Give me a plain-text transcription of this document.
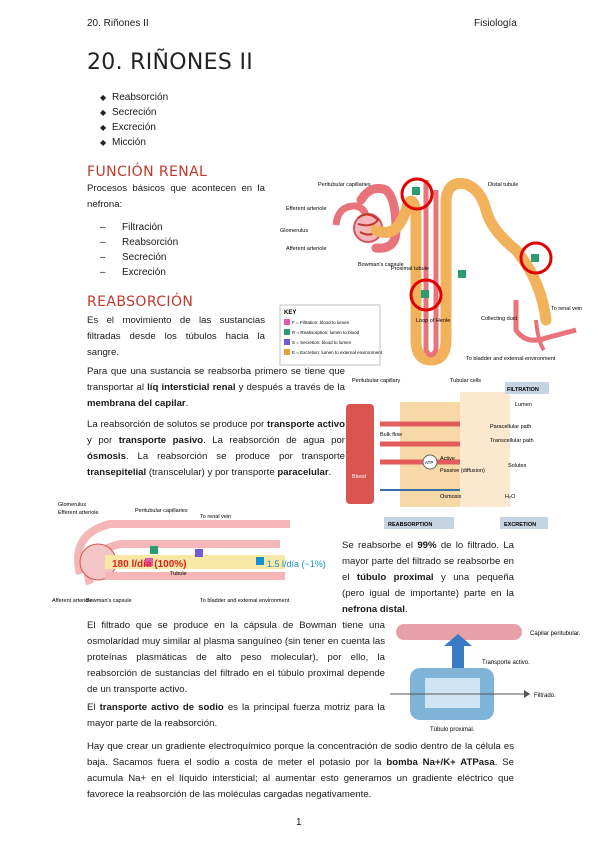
20. Riñones II	Fisiología
20. RIÑONES II
◆ Reabsorción
◆ Secreción
◆ Excreción
◆ Micción
FUNCIÓN RENAL

Procesos básicos que acontecen en la nefrona:

– Filtración
– Reabsorción
– Secreción
– Excreción
REABSORCIÓN

Es el movimiento de las sustancias filtradas desde los túbulos hacia la sangre.

Para que una sustancia se reabsorba primero se tiene que transportar al líq intersticial renal y después a través de la membrana del capilar.

La reabsorción de solutos se produce por transporte activo y por transporte pasivo. La reabsorción de agua por ósmosis. La reabsorción se produce por transporte transepitelial (transcelular) y por transporte paracelular.

Se reabsorbe el 99% de lo filtrado. La mayor parte del filtrado se reabsorbe en el túbulo proximal y una pequeña (pero igual de importante) parte en la nefrona distal.

El filtrado que se produce en la cápsula de Bowman tiene una osmolaridad muy similar al plasma sanguíneo (sin tener en cuenta las proteínas plasmáticas de alto peso molecular), por ello, la reabsorción de sustancias del filtrado en el túbulo proximal depende de un transporte activo.

El transporte activo de sodio es la principal fuerza motriz para la mayor parte de la reabsorción.

Hay que crear un gradiente electroquímico porque la concentración de sodio dentro de la célula es baja. Sacamos fuera el sodio a costa de meter el potasio por la bomba Na+/K+ ATPasa. Se acumula Na+ en el líquido intersticial; al aumentar esto generamos un gradiente eléctrico que favorece la reabsorción de las moléculas cargadas negativamente.

1
Peritubular capillaries
Efferent arteriole
Glomerulus
Afferent arteriole
Bowman's capsule
Proximal tubule
Distal tubule
Loop of Henle	Collecting duct
To renal vein
To bladder and external environment
KEY
F = Filtration: blood to lumen
R = Reabsorption: lumen to blood
S = Secretion: blood to lumen
E = Excretion: lumen to external environment
Peritubular capillary	Tubular cells
FILTRATION
Lumen
Paracellular path
Transcellular path
Bulk flow
ATP
Active
Passive (diffusion)
Solutes
Blood
Osmosis	H₂O
REABSORPTION	EXCRETION
Glomerulus
Efferent arteriole	Peritubular capillaries
To renal vein
Tubule
Afferent arteriole
Bowman's capsule	To bladder and external environment
180 l/día (100%)	1.5 l/día (~1%)
Capilar peritubular.
Transporte activo.
Filtrado.
Túbulo proximal.
